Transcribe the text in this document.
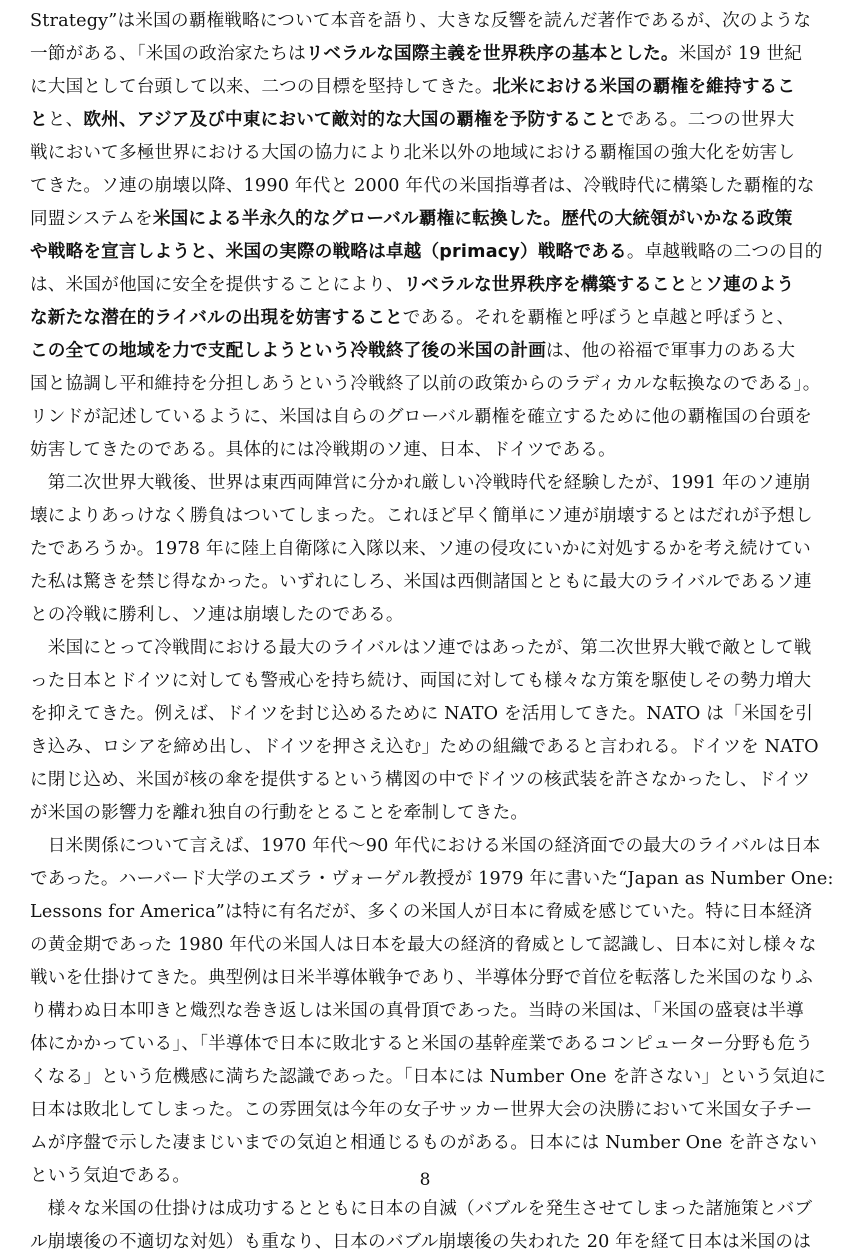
Strategy”は米国の覇権戦略について本音を語り、大きな反響を読んだ著作であるが、次のような
一節がある、「米国の政治家たちはリベラルな国際主義を世界秩序の基本とした。米国が 19 世紀
に大国として台頭して以来、二つの目標を堅持してきた。北米における米国の覇権を維持するこ
とと、欧州、アジア及び中東において敵対的な大国の覇権を予防することである。二つの世界大
戦において多極世界における大国の協力により北米以外の地域における覇権国の強大化を妨害し
てきた。ソ連の崩壊以降、1990 年代と 2000 年代の米国指導者は、冷戦時代に構築した覇権的な
同盟システムを米国による半永久的なグローバル覇権に転換した。歴代の大統領がいかなる政策
や戦略を宣言しようと、米国の実際の戦略は卓越（primacy）戦略である。卓越戦略の二つの目的
は、米国が他国に安全を提供することにより、リベラルな世界秩序を構築することとソ連のよう
な新たな潜在的ライバルの出現を妨害することである。それを覇権と呼ぼうと卓越と呼ぼうと、
この全ての地域を力で支配しようという冷戦終了後の米国の計画は、他の裕福で軍事力のある大
国と協調し平和維持を分担しあうという冷戦終了以前の政策からのラディカルな転換なのである」。
リンドが記述しているように、米国は自らのグローバル覇権を確立するために他の覇権国の台頭を
妨害してきたのである。具体的には冷戦期のソ連、日本、ドイツである。
　第二次世界大戦後、世界は東西両陣営に分かれ厳しい冷戦時代を経験したが、1991 年のソ連崩
壊によりあっけなく勝負はついてしまった。これほど早く簡単にソ連が崩壊するとはだれが予想し
たであろうか。1978 年に陸上自衛隊に入隊以来、ソ連の侵攻にいかに対処するかを考え続けてい
た私は驚きを禁じ得なかった。いずれにしろ、米国は西側諸国とともに最大のライバルであるソ連
との冷戦に勝利し、ソ連は崩壊したのである。
　米国にとって冷戦間における最大のライバルはソ連ではあったが、第二次世界大戦で敵として戦
った日本とドイツに対しても警戒心を持ち続け、両国に対しても様々な方策を駆使しその勢力増大
を抑えてきた。例えば、ドイツを封じ込めるために NATO を活用してきた。NATO は「米国を引
き込み、ロシアを締め出し、ドイツを押さえ込む」ための組織であると言われる。ドイツを NATO
に閉じ込め、米国が核の傘を提供するという構図の中でドイツの核武装を許さなかったし、ドイツ
が米国の影響力を離れ独自の行動をとることを牽制してきた。
　日米関係について言えば、1970 年代～90 年代における米国の経済面での最大のライバルは日本
であった。ハーバード大学のエズラ・ヴォーゲル教授が 1979 年に書いた“Japan as Number One:
Lessons for America”は特に有名だが、多くの米国人が日本に脅威を感じていた。特に日本経済
の黄金期であった 1980 年代の米国人は日本を最大の経済的脅威として認識し、日本に対し様々な
戦いを仕掛けてきた。典型例は日米半導体戦争であり、半導体分野で首位を転落した米国のなりふ
り構わぬ日本叩きと熾烈な巻き返しは米国の真骨頂であった。当時の米国は、「米国の盛衰は半導
体にかかっている」、「半導体で日本に敗北すると米国の基幹産業であるコンピューター分野も危う
くなる」という危機感に満ちた認識であった。「日本には Number One を許さない」という気迫に
日本は敗北してしまった。この雰囲気は今年の女子サッカー世界大会の決勝において米国女子チー
ムが序盤で示した凄まじいまでの気迫と相通じるものがある。日本には Number One を許さない
という気迫である。
　様々な米国の仕掛けは成功するとともに日本の自滅（バブルを発生させてしまった諸施策とバブ
ル崩壊後の不適切な対処）も重なり、日本のバブル崩壊後の失われた 20 年を経て日本は米国のは
8
